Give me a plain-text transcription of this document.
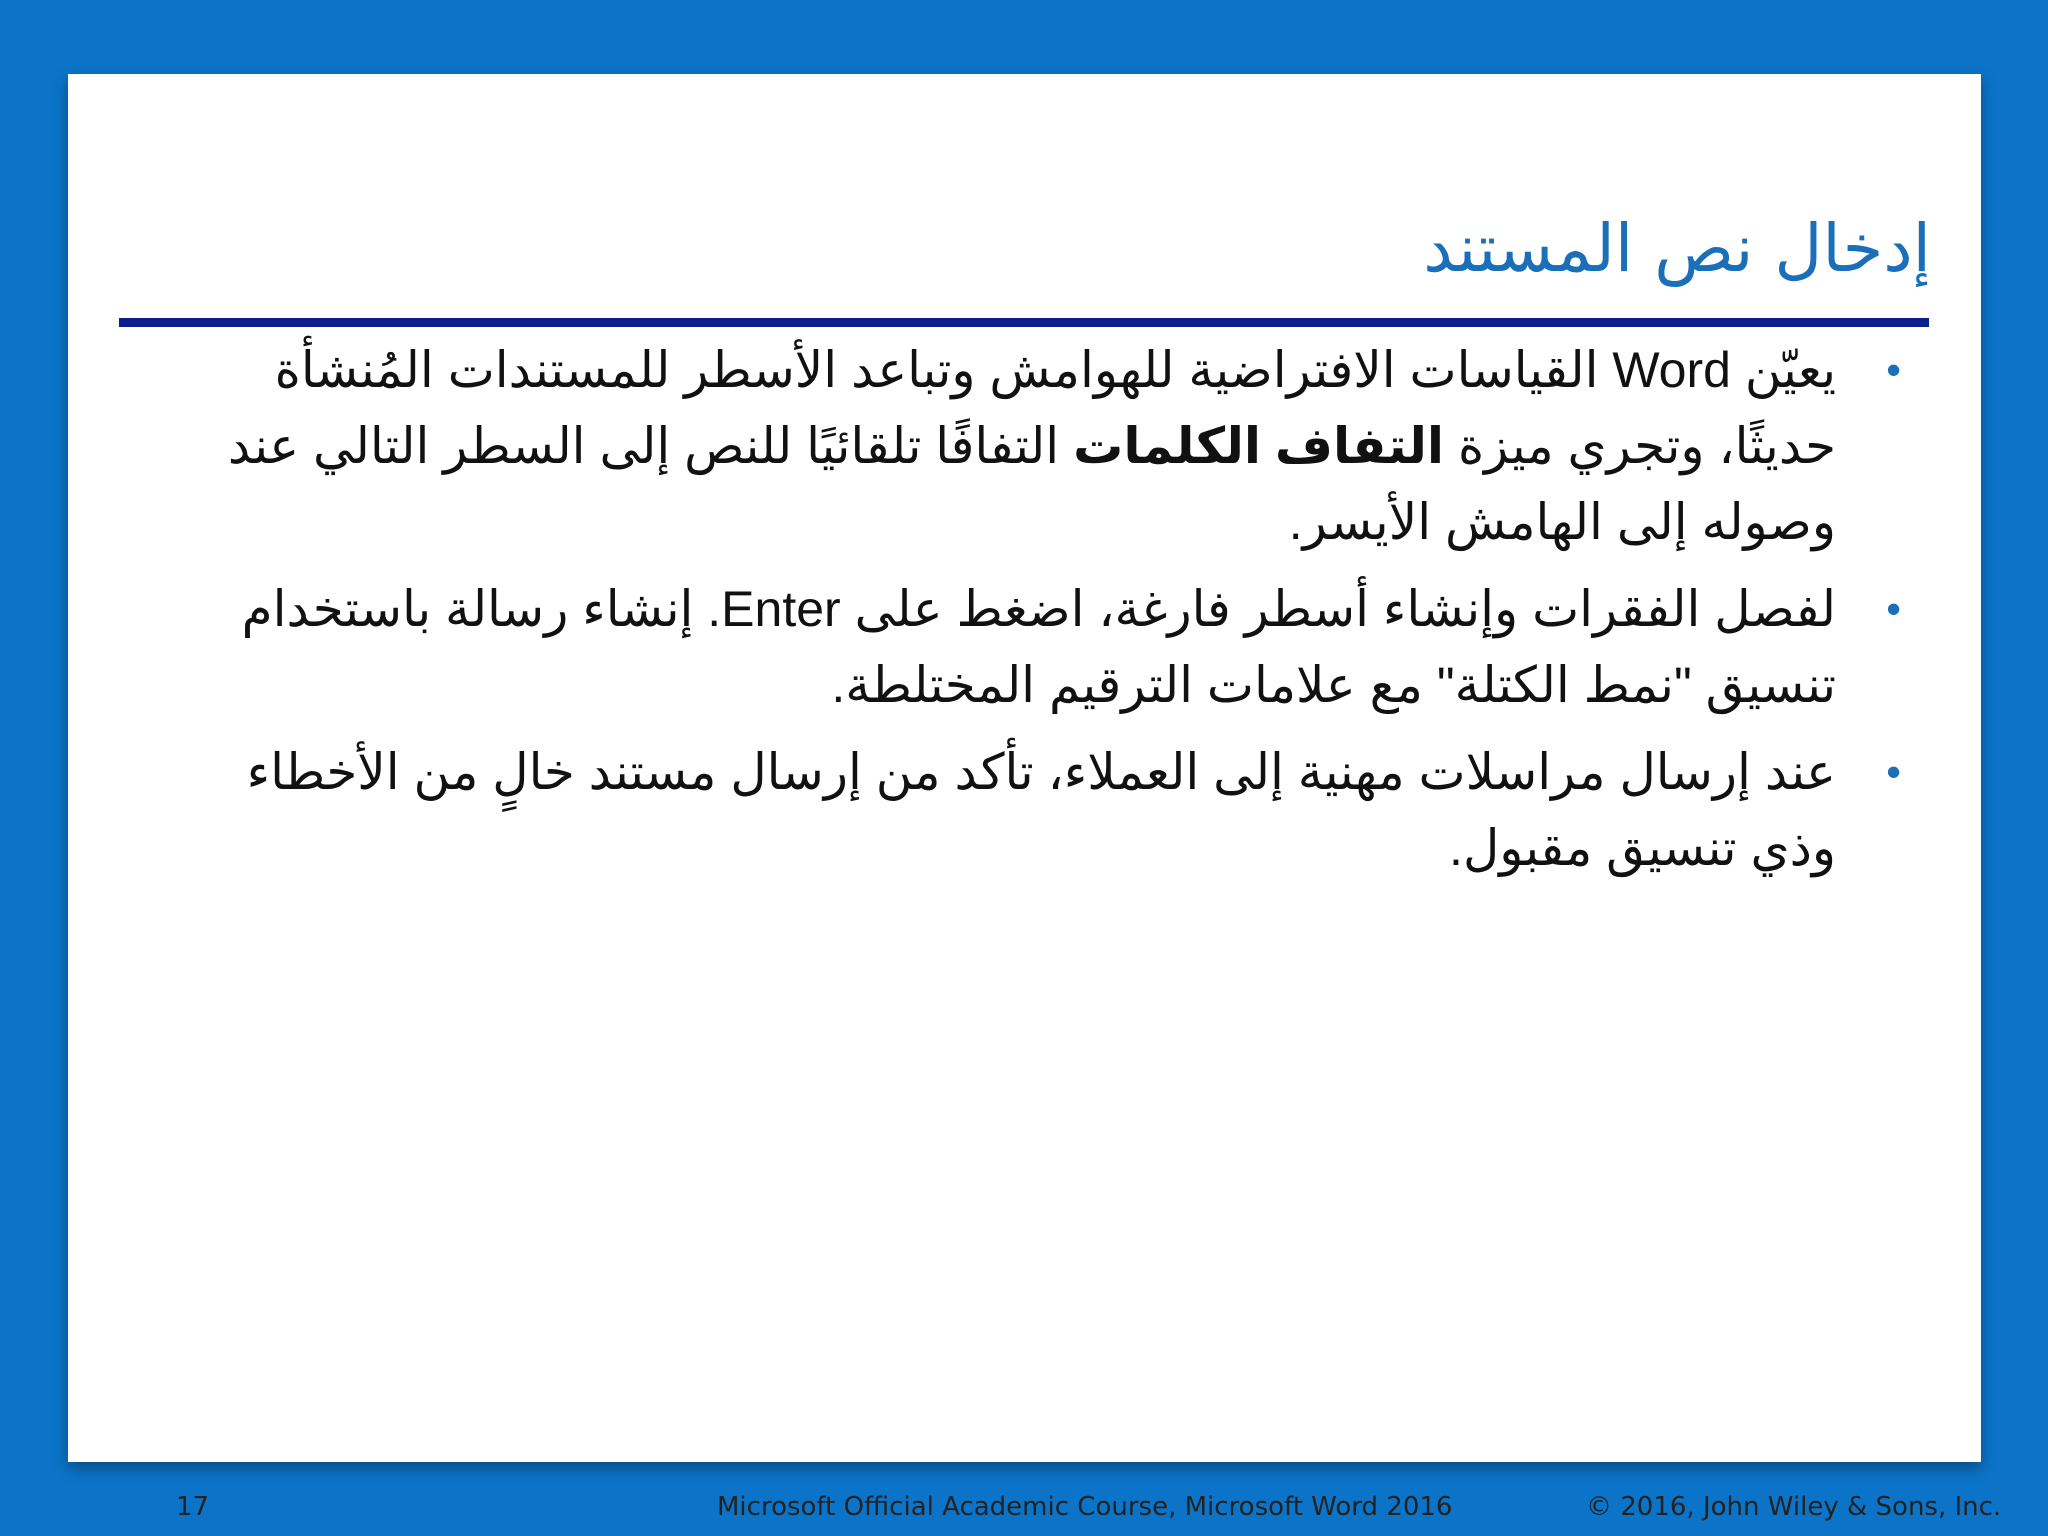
إدخال نص المستند
•
يعيّن Word القياسات الافتراضية للهوامش وتباعد الأسطر للمستندات المُنشأة حديثًا، وتجري ميزة التفاف الكلمات التفافًا تلقائيًا للنص إلى السطر التالي عند وصوله إلى الهامش الأيسر.
•
لفصل الفقرات وإنشاء أسطر فارغة، اضغط على Enter. إنشاء رسالة باستخدام تنسيق "نمط الكتلة" مع علامات الترقيم المختلطة.
•
عند إرسال مراسلات مهنية إلى العملاء، تأكد من إرسال مستند خالٍ من الأخطاء وذي تنسيق مقبول.
17	Microsoft Official Academic Course, Microsoft Word 2016	© 2016, John Wiley & Sons, Inc.
